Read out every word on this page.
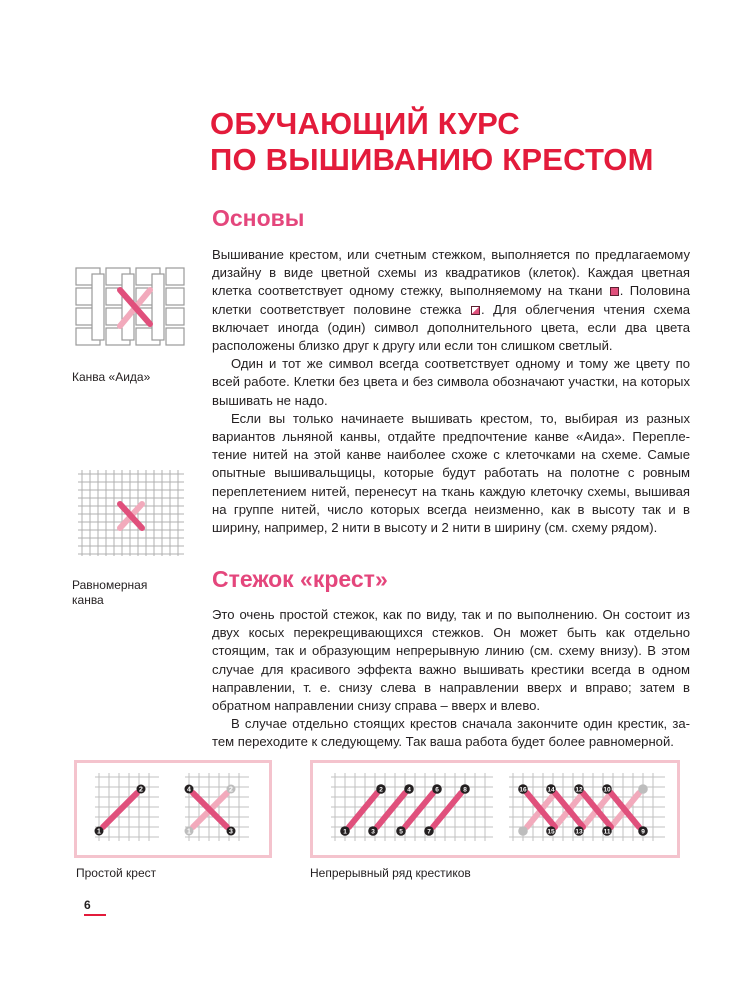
ОБУЧАЮЩИЙ КУРС
ПО ВЫШИВАНИЮ КРЕСТОМ
Основы

Вышивание крестом, или счетным стежком, выполняется по предлагаемому дизайну в виде цветной схемы из квадратиков (клеток). Каждая цветная клетка соответствует одному стежку, выполняемому на ткани . Половина клетки соответствует половине стежка . Для облегчения чтения схема включает иногда (один) символ дополнительного цвета, если два цвета расположены близко друг к другу или если тон слишком светлый.

Один и тот же символ всегда соответствует одному и тому же цвету по всей работе. Клетки без цвета и без символа обозначают участки, на которых вышивать не надо.

Если вы только начинаете вышивать крестом, то, выбирая из разных вариантов льняной канвы, отдайте предпочтение канве «Аида». Переплетение нитей на этой канве наиболее схоже с клеточками на схеме. Самые опытные вышивальщицы, которые будут работать на полотне с ровным переплетением нитей, перенесут на ткань каждую клеточку схемы, вышивая на группе нитей, число которых всегда неизменно, как в высоту так и в ширину, например, 2 нити в высоту и 2 нити в ширину (см. схему рядом).

Канва «Аида»

Равномерная
канва

Стежок «крест»

Это очень простой стежок, как по виду, так и по выполнению. Он состоит из двух косых перекрещивающихся стежков. Он может быть как отдельно стоящим, так и образующим непрерывную линию (см. схему внизу). В этом случае для красивого эффекта важно вышивать крестики всегда в одном направлении, т. е. снизу слева в направлении вверх и вправо; затем в обратном направлении снизу справа – вверх и влево.

В случае отдельно стоящих крестов сначала закончите один крестик, затем переходите к следующему. Так ваша работа будет более равномерной.

1
2
1
2
3
4

Простой крест

1	3	5	7
2	4	6	8	16	14	12	10
15	13	11	9

Непрерывный ряд крестиков

6
